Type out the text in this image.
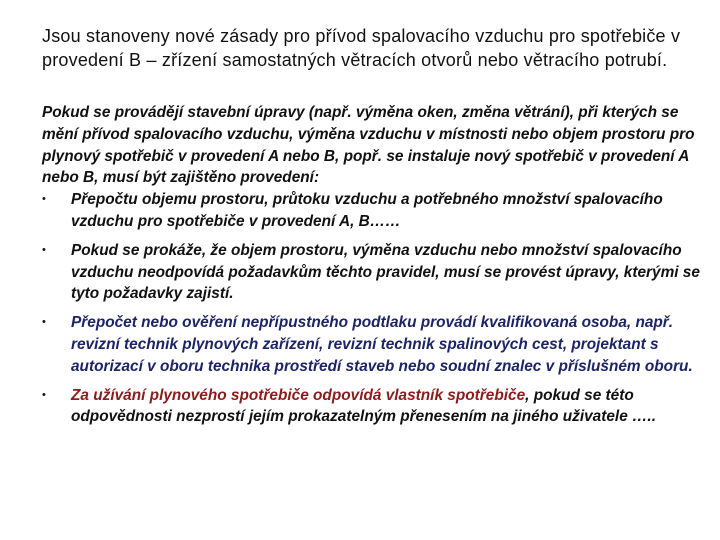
Jsou stanoveny nové zásady pro přívod spalovacího vzduchu pro spotřebiče v provedení B – zřízení samostatných větracích otvorů nebo větracího potrubí.

Pokud se provádějí stavební úpravy (např. výměna oken, změna větrání), při kterých se mění přívod spalovacího vzduchu, výměna vzduchu v místnosti nebo objem prostoru pro plynový spotřebič v provedení A nebo B, popř. se instaluje nový spotřebič v provedení A nebo B, musí být zajištěno provedení:

• Přepočtu objemu prostoru, průtoku vzduchu a potřebného množství spalovacího vzduchu pro spotřebiče v provedení A, B……
• Pokud se prokáže, že objem prostoru, výměna vzduchu nebo množství spalovacího vzduchu neodpovídá požadavkům těchto pravidel, musí se provést úpravy, kterými se tyto požadavky zajistí.
• Přepočet nebo ověření nepřípustného podtlaku provádí kvalifikovaná osoba, např. revizní technik plynových zařízení, revizní technik spalinových cest, projektant s autorizací v oboru technika prostředí staveb nebo soudní znalec v příslušném oboru.
• Za užívání plynového spotřebiče odpovídá vlastník spotřebiče, pokud se této odpovědnosti nezprostí jejím prokazatelným přenesením na jiného uživatele …..
